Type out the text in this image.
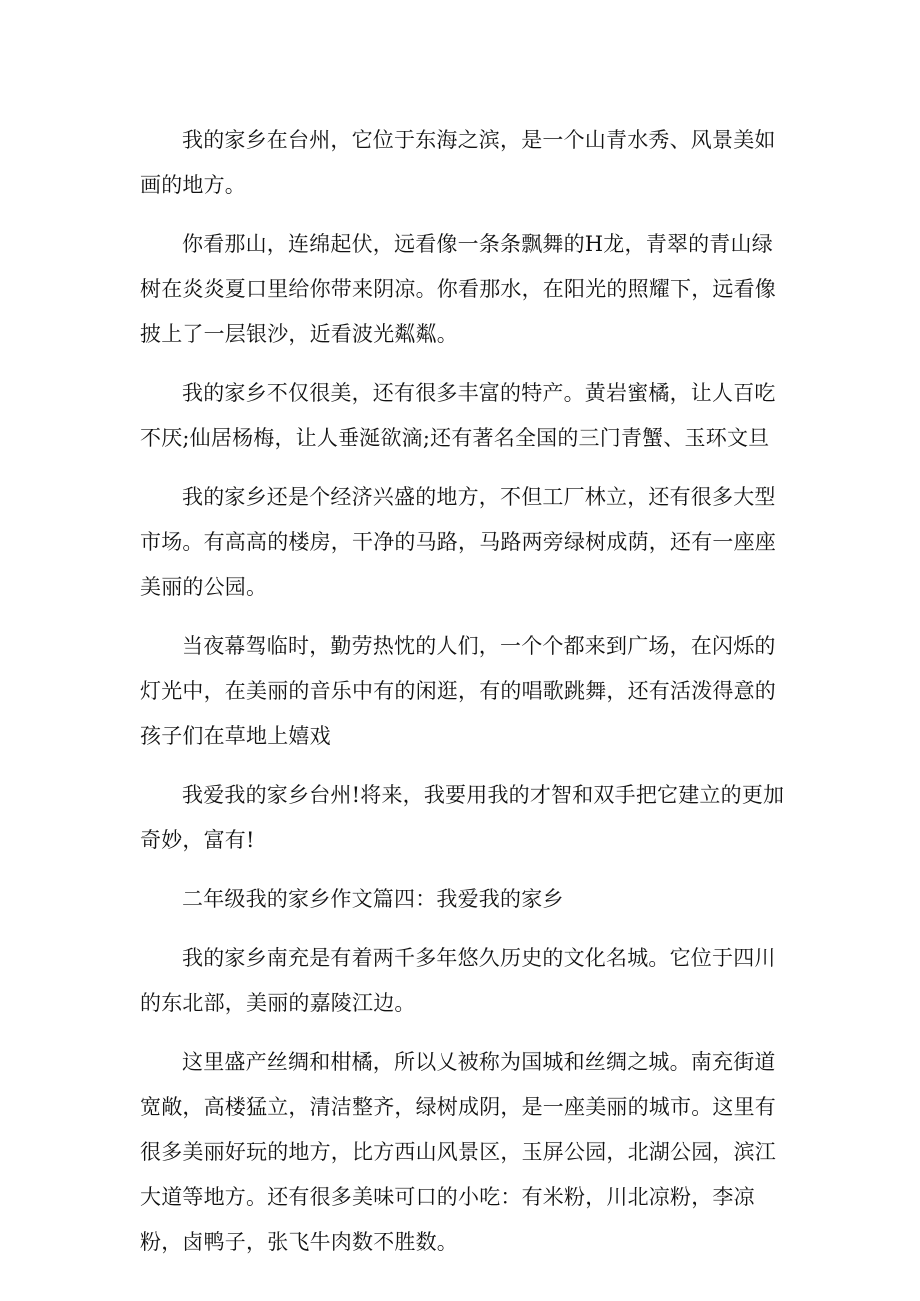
我的家乡在台州，它位于东海之滨，是一个山青水秀、风景美如画的地方。

你看那山，连绵起伏，远看像一条条飘舞的H龙，青翠的青山绿树在炎炎夏口里给你带来阴凉。你看那水，在阳光的照耀下，远看像披上了一层银沙，近看波光粼粼。

我的家乡不仅很美，还有很多丰富的特产。黄岩蜜橘，让人百吃不厌;仙居杨梅，让人垂涎欲滴;还有著名全国的三门青蟹、玉环文旦

我的家乡还是个经济兴盛的地方，不但工厂林立，还有很多大型市场。有高高的楼房，干净的马路，马路两旁绿树成荫，还有一座座美丽的公园。

当夜幕驾临时，勤劳热忱的人们，一个个都来到广场，在闪烁的灯光中，在美丽的音乐中有的闲逛，有的唱歌跳舞，还有活泼得意的孩子们在草地上嬉戏

我爱我的家乡台州!将来，我要用我的才智和双手把它建立的更加奇妙，富有!

二年级我的家乡作文篇四：我爱我的家乡

我的家乡南充是有着两千多年悠久历史的文化名城。它位于四川的东北部，美丽的嘉陵江边。

这里盛产丝绸和柑橘，所以乂被称为国城和丝绸之城。南充街道宽敞，高楼猛立，清洁整齐，绿树成阴，是一座美丽的城市。这里有很多美丽好玩的地方，比方西山风景区，玉屏公园，北湖公园，滨江大道等地方。还有很多美味可口的小吃：有米粉，川北凉粉，李凉粉，卤鸭子，张飞牛肉数不胜数。
